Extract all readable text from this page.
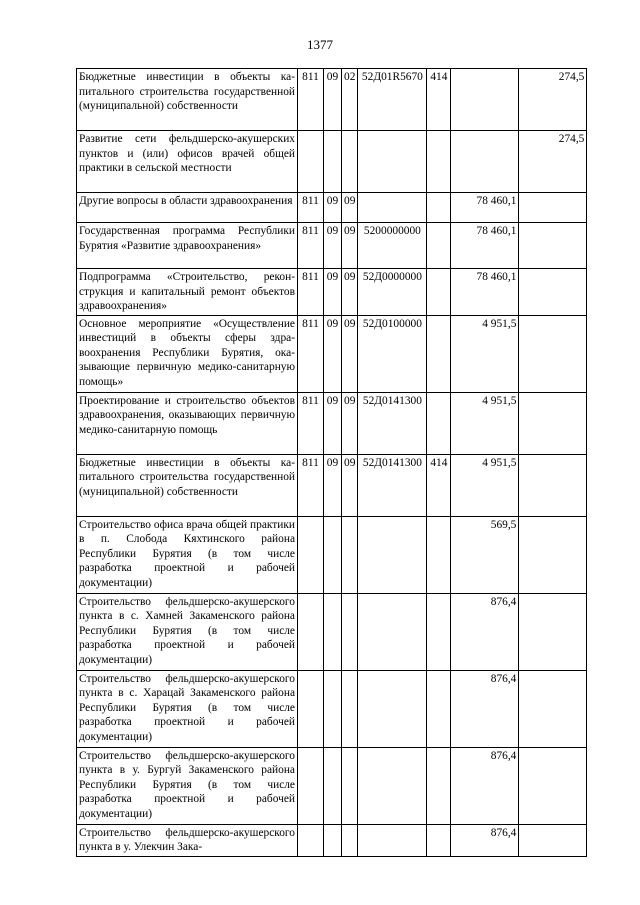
1377
Бюджетные инвестиции в объекты капитального строительства государственной (муниципальной) собственности	811	09	02	52Д01R5670	414		274,5
Развитие сети фельдшерско-акушерских пунктов и (или) офисов врачей общей практики в сельской местности							274,5
Другие вопросы в области здравоохранения	811	09	09			78 460,1	
Государственная программа Республики Бурятия «Развитие здравоохранения»	811	09	09	5200000000		78 460,1	
Подпрограмма «Строительство, реконструкция и капитальный ремонт объектов здравоохранения»	811	09	09	52Д0000000		78 460,1	
Основное мероприятие «Осуществление инвестиций в объекты сферы здравоохранения Республики Бурятия, оказывающие первичную медико-санитарную помощь»	811	09	09	52Д0100000		4 951,5	
Проектирование и строительство объектов здравоохранения, оказывающих первичную медико-санитарную помощь	811	09	09	52Д0141300		4 951,5	
Бюджетные инвестиции в объекты капитального строительства государственной (муниципальной) собственности	811	09	09	52Д0141300	414	4 951,5	
Строительство офиса врача общей практики в п. Слобода Кяхтинского района Республики Бурятия (в том числе разработка проектной и рабочей документации)						569,5	
Строительство фельдшерско-акушерского пункта в с. Хамней Закаменского района Республики Бурятия (в том числе разработка проектной и рабочей документации)						876,4	
Строительство фельдшерско-акушерского пункта в с. Харацай Закаменского района Республики Бурятия (в том числе разработка проектной и рабочей документации)						876,4	
Строительство фельдшерско-акушерского пункта в у. Бургуй Закаменского района Республики Бурятия (в том числе разработка проектной и рабочей документации)						876,4	
Строительство фельдшерско-акушерского пункта в у. Улекчин Зака-						876,4	
